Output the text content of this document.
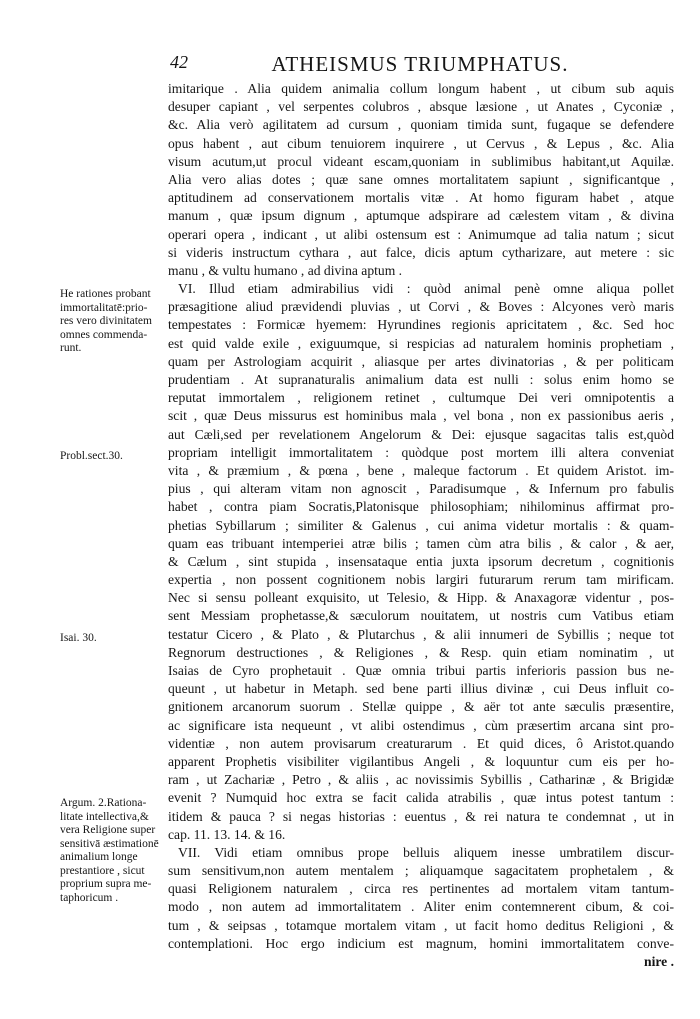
42	ATHEISMUS TRIUMPHATUS.
He rationes probant
immortalitatē:prio-
res vero divinitatem
omnes commenda-
runt.
Probl.sect.30.
Isai. 30.
Argum. 2.Rationa-
litate intellectiva,&
vera Religione super
sensitivā æstimationē
animalium longe
prestantiore , sicut
proprium supra me-
taphoricum .
imitarique . Alia quidem animalia collum longum habent , ut cibum sub aquis
desuper capiant , vel serpentes colubros , absque læsione , ut Anates , Cyconiæ ,
&c. Alia verò agilitatem ad cursum , quoniam timida sunt, fugaque se defendere
opus habent , aut cibum tenuiorem inquirere , ut Cervus , & Lepus , &c. Alia
visum acutum,ut procul videant escam,quoniam in sublimibus habitant,ut Aquilæ.
Alia vero alias dotes ; quæ sane omnes mortalitatem sapiunt , significantque ,
aptitudinem ad conservationem mortalis vitæ . At homo figuram habet , atque
manum , quæ ipsum dignum , aptumque adspirare ad cælestem vitam , & divina
operari opera , indicant , ut alibi ostensum est : Animumque ad talia natum ; sicut
si videris instructum cythara , aut falce, dicis aptum cytharizare, aut metere : sic
manu , & vultu humano , ad divina aptum .
VI. Illud etiam admirabilius vidi : quòd animal penè omne aliqua pollet
præsagitione aliud prævidendi pluvias , ut Corvi , & Boves : Alcyones verò maris
tempestates : Formicæ hyemem: Hyrundines regionis apricitatem , &c. Sed hoc
est quid valde exile , exiguumque, si respicias ad naturalem hominis prophetiam ,
quam per Astrologiam acquirit , aliasque per artes divinatorias , & per politicam
prudentiam . At supranaturalis animalium data est nulli : solus enim homo se
reputat immortalem , religionem retinet , cultumque Dei veri omnipotentis a
scit , quæ Deus missurus est hominibus mala , vel bona , non ex passionibus aeris ,
aut Cæli,sed per revelationem Angelorum & Dei: ejusque sagacitas talis est,quòd
propriam intelligit immortalitatem : quòdque post mortem illi altera conveniat
vita , & præmium , & pœna , bene , maleque factorum . Et quidem Aristot. im-
pius , qui alteram vitam non agnoscit , Paradisumque , & Infernum pro fabulis
habet , contra piam Socratis,Platonisque philosophiam; nihilominus affirmat pro-
phetias Sybillarum ; similiter & Galenus , cui anima videtur mortalis : & quam-
quam eas tribuant intemperiei atræ bilis ; tamen cùm atra bilis , & calor , & aer,
& Cælum , sint stupida , insensataque entia juxta ipsorum decretum , cognitionis
expertia , non possent cognitionem nobis largiri futurarum rerum tam mirificam.
Nec si sensu polleant exquisito, ut Telesio, & Hipp. & Anaxagoræ videntur , pos-
sent Messiam prophetasse,& sæculorum nouitatem, ut nostris cum Vatibus etiam
testatur Cicero , & Plato , & Plutarchus , & alii innumeri de Sybillis ; neque tot
Regnorum destructiones , & Religiones , & Resp. quin etiam nominatim , ut
Isaias de Cyro prophetauit . Quæ omnia tribui partis inferioris passion bus ne-
queunt , ut habetur in Metaph. sed bene parti illius divinæ , cui Deus influit co-
gnitionem arcanorum suorum . Stellæ quippe , & aër tot ante sæculis præsentire,
ac significare ista nequeunt , vt alibi ostendimus , cùm præsertim arcana sint pro-
videntiæ , non autem provisarum creaturarum . Et quid dices, ô Aristot.quando
apparent Prophetis visibiliter vigilantibus Angeli , & loquuntur cum eis per ho-
ram , ut Zachariæ , Petro , & aliis , ac novissimis Sybillis , Catharinæ , & Brigidæ
evenit ? Numquid hoc extra se facit calida atrabilis , quæ intus potest tantum :
itidem & pauca ? si negas historias : euentus , & rei natura te condemnat , ut in
cap. 11. 13. 14. & 16.
VII. Vidi etiam omnibus prope belluis aliquem inesse umbratilem discur-
sum sensitivum,non autem mentalem ; aliquamque sagacitatem prophetalem , &
quasi Religionem naturalem , circa res pertinentes ad mortalem vitam tantum-
modo , non autem ad immortalitatem . Aliter enim contemnerent cibum, & coi-
tum , & seipsas , totamque mortalem vitam , ut facit homo deditus Religioni , &
contemplationi. Hoc ergo indicium est magnum, homini immortalitatem conve-
nire .
